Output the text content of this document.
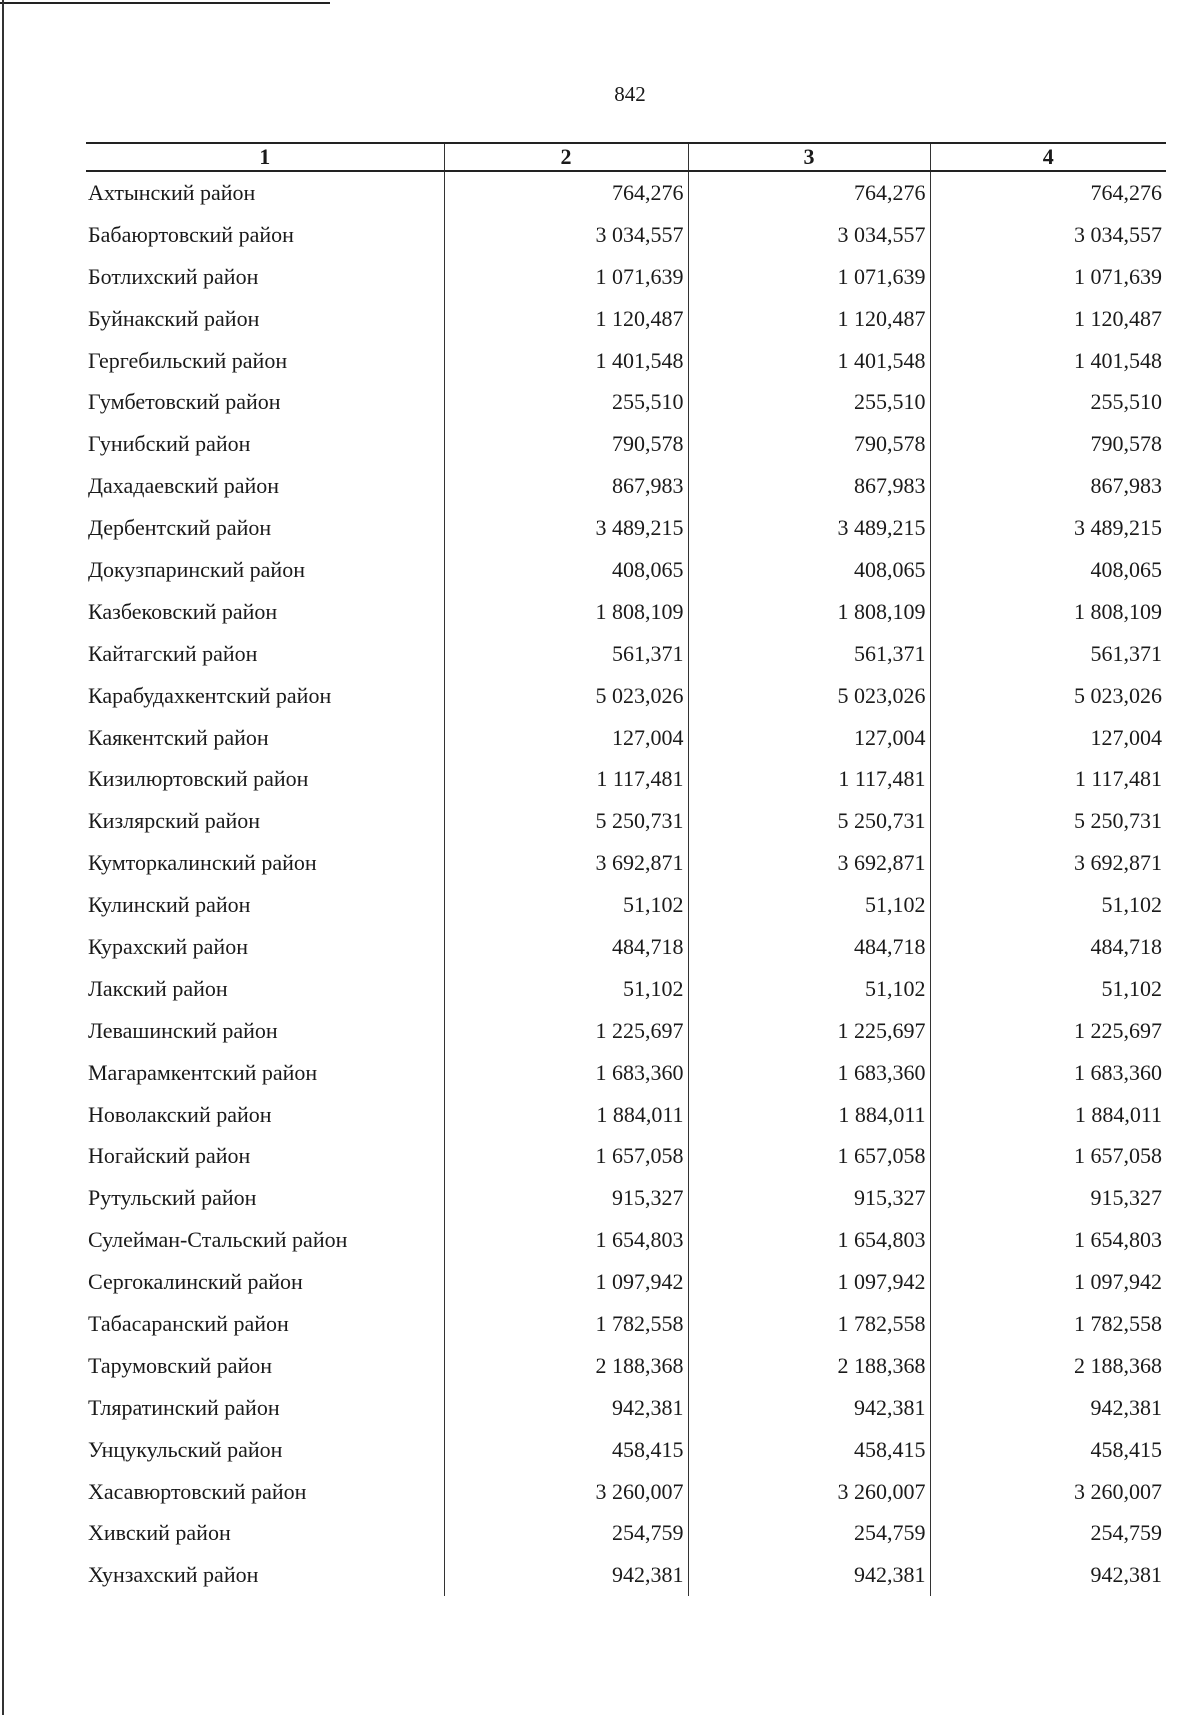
842
1	2	3	4
Ахтынский район	764,276	764,276	764,276
Бабаюртовский район	3 034,557	3 034,557	3 034,557
Ботлихский район	1 071,639	1 071,639	1 071,639
Буйнакский район	1 120,487	1 120,487	1 120,487
Гергебильский район	1 401,548	1 401,548	1 401,548
Гумбетовский район	255,510	255,510	255,510
Гунибский район	790,578	790,578	790,578
Дахадаевский район	867,983	867,983	867,983
Дербентский район	3 489,215	3 489,215	3 489,215
Докузпаринский район	408,065	408,065	408,065
Казбековский район	1 808,109	1 808,109	1 808,109
Кайтагский район	561,371	561,371	561,371
Карабудахкентский район	5 023,026	5 023,026	5 023,026
Каякентский район	127,004	127,004	127,004
Кизилюртовский район	1 117,481	1 117,481	1 117,481
Кизлярский район	5 250,731	5 250,731	5 250,731
Кумторкалинский район	3 692,871	3 692,871	3 692,871
Кулинский район	51,102	51,102	51,102
Курахский район	484,718	484,718	484,718
Лакский район	51,102	51,102	51,102
Левашинский район	1 225,697	1 225,697	1 225,697
Магарамкентский район	1 683,360	1 683,360	1 683,360
Новолакский район	1 884,011	1 884,011	1 884,011
Ногайский район	1 657,058	1 657,058	1 657,058
Рутульский район	915,327	915,327	915,327
Сулейман-Стальский район	1 654,803	1 654,803	1 654,803
Сергокалинский район	1 097,942	1 097,942	1 097,942
Табасаранский район	1 782,558	1 782,558	1 782,558
Тарумовский район	2 188,368	2 188,368	2 188,368
Тляратинский район	942,381	942,381	942,381
Унцукульский район	458,415	458,415	458,415
Хасавюртовский район	3 260,007	3 260,007	3 260,007
Хивский район	254,759	254,759	254,759
Хунзахский район	942,381	942,381	942,381
